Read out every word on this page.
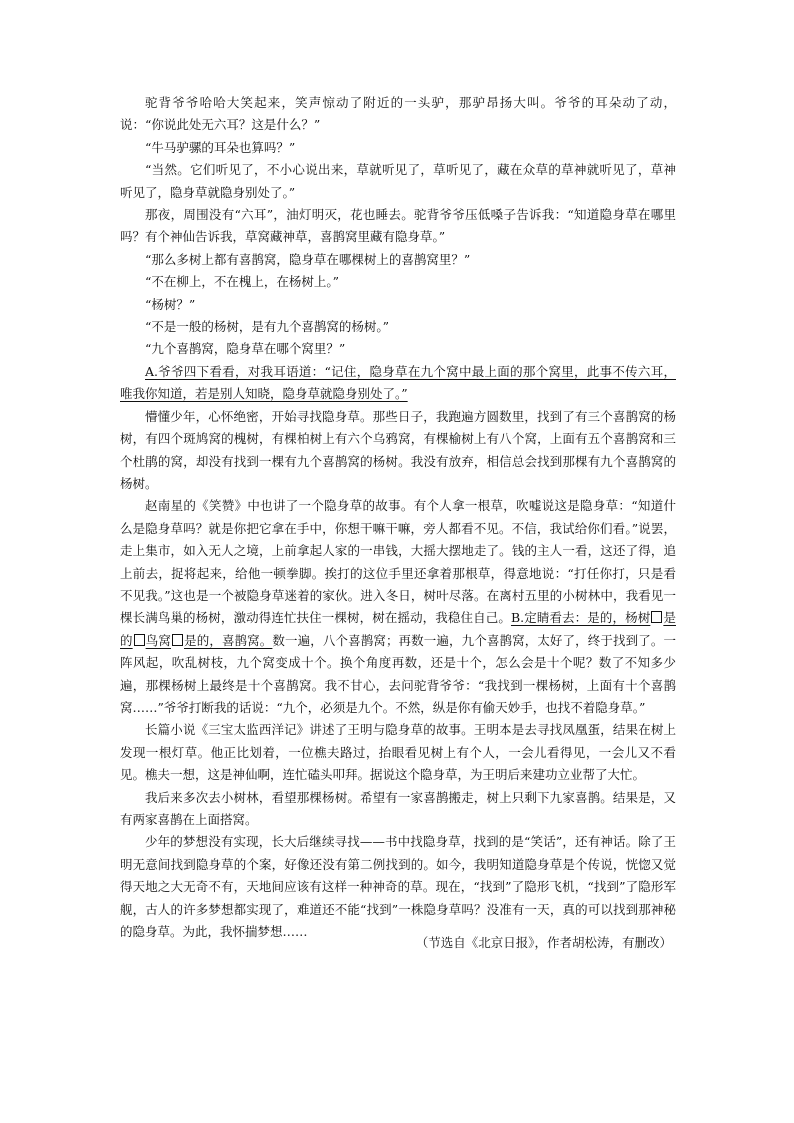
驼背爷爷哈哈大笑起来，笑声惊动了附近的一头驴，那驴昂扬大叫。爷爷的耳朵动了动，说：“你说此处无六耳？这是什么？”

“牛马驴骡的耳朵也算吗？”

“当然。它们听见了，不小心说出来，草就听见了，草听见了，藏在众草的草神就听见了，草神听见了，隐身草就隐身别处了。”

那夜，周围没有“六耳”，油灯明灭，花也睡去。驼背爷爷压低嗓子告诉我：“知道隐身草在哪里吗？有个神仙告诉我，草窝藏神草，喜鹊窝里藏有隐身草。”

“那么多树上都有喜鹊窝，隐身草在哪棵树上的喜鹊窝里？”

“不在柳上，不在槐上，在杨树上。”

“杨树？”

“不是一般的杨树，是有九个喜鹊窝的杨树。”

“九个喜鹊窝，隐身草在哪个窝里？”

A.爷爷四下看看，对我耳语道：“记住，隐身草在九个窝中最上面的那个窝里，此事不传六耳，唯我你知道，若是别人知晓，隐身草就隐身别处了。”

懵懂少年，心怀绝密，开始寻找隐身草。那些日子，我跑遍方圆数里，找到了有三个喜鹊窝的杨树，有四个斑鸠窝的槐树，有棵柏树上有六个乌鸦窝，有棵榆树上有八个窝，上面有五个喜鹊窝和三个杜鹃的窝，却没有找到一棵有九个喜鹊窝的杨树。我没有放弃，相信总会找到那棵有九个喜鹊窝的杨树。

赵南星的《笑赞》中也讲了一个隐身草的故事。有个人拿一根草，吹嘘说这是隐身草：“知道什么是隐身草吗？就是你把它拿在手中，你想干嘛干嘛，旁人都看不见。不信，我试给你们看。”说罢，走上集市，如入无人之境，上前拿起人家的一串钱，大摇大摆地走了。钱的主人一看，这还了得，追上前去，捉将起来，给他一顿拳脚。挨打的这位手里还拿着那根草，得意地说：“打任你打，只是看不见我。”这也是一个被隐身草迷着的家伙。进入冬日，树叶尽落。在离村五里的小树林中，我看见一棵长满鸟巢的杨树，激动得连忙扶住一棵树，树在摇动，我稳住自己。B.定睛看去：是的，杨树 是的 鸟窝 是的，喜鹊窝。数一遍，八个喜鹊窝；再数一遍，九个喜鹊窝，太好了，终于找到了。一阵风起，吹乱树枝，九个窝变成十个。换个角度再数，还是十个，怎么会是十个呢？数了不知多少遍，那棵杨树上最终是十个喜鹊窝。我不甘心，去问驼背爷爷：“我找到一棵杨树，上面有十个喜鹊窝……”爷爷打断我的话说：“九个，必须是九个。不然，纵是你有偷天妙手，也找不着隐身草。”

长篇小说《三宝太监西洋记》讲述了王明与隐身草的故事。王明本是去寻找凤凰蛋，结果在树上发现一根灯草。他正比划着，一位樵夫路过，抬眼看见树上有个人，一会儿看得见，一会儿又不看见。樵夫一想，这是神仙啊，连忙磕头叩拜。据说这个隐身草，为王明后来建功立业帮了大忙。

我后来多次去小树林，看望那棵杨树。希望有一家喜鹊搬走，树上只剩下九家喜鹊。结果是，又有两家喜鹊在上面搭窝。

少年的梦想没有实现，长大后继续寻找——书中找隐身草，找到的是“笑话”，还有神话。除了王明无意间找到隐身草的个案，好像还没有第二例找到的。如今，我明知道隐身草是个传说，恍惚又觉得天地之大无奇不有，天地间应该有这样一种神奇的草。现在，“找到”了隐形飞机，“找到”了隐形军舰，古人的许多梦想都实现了，难道还不能“找到”一株隐身草吗？没准有一天，真的可以找到那神秘的隐身草。为此，我怀揣梦想……

（节选自《北京日报》，作者胡松涛，有删改）
